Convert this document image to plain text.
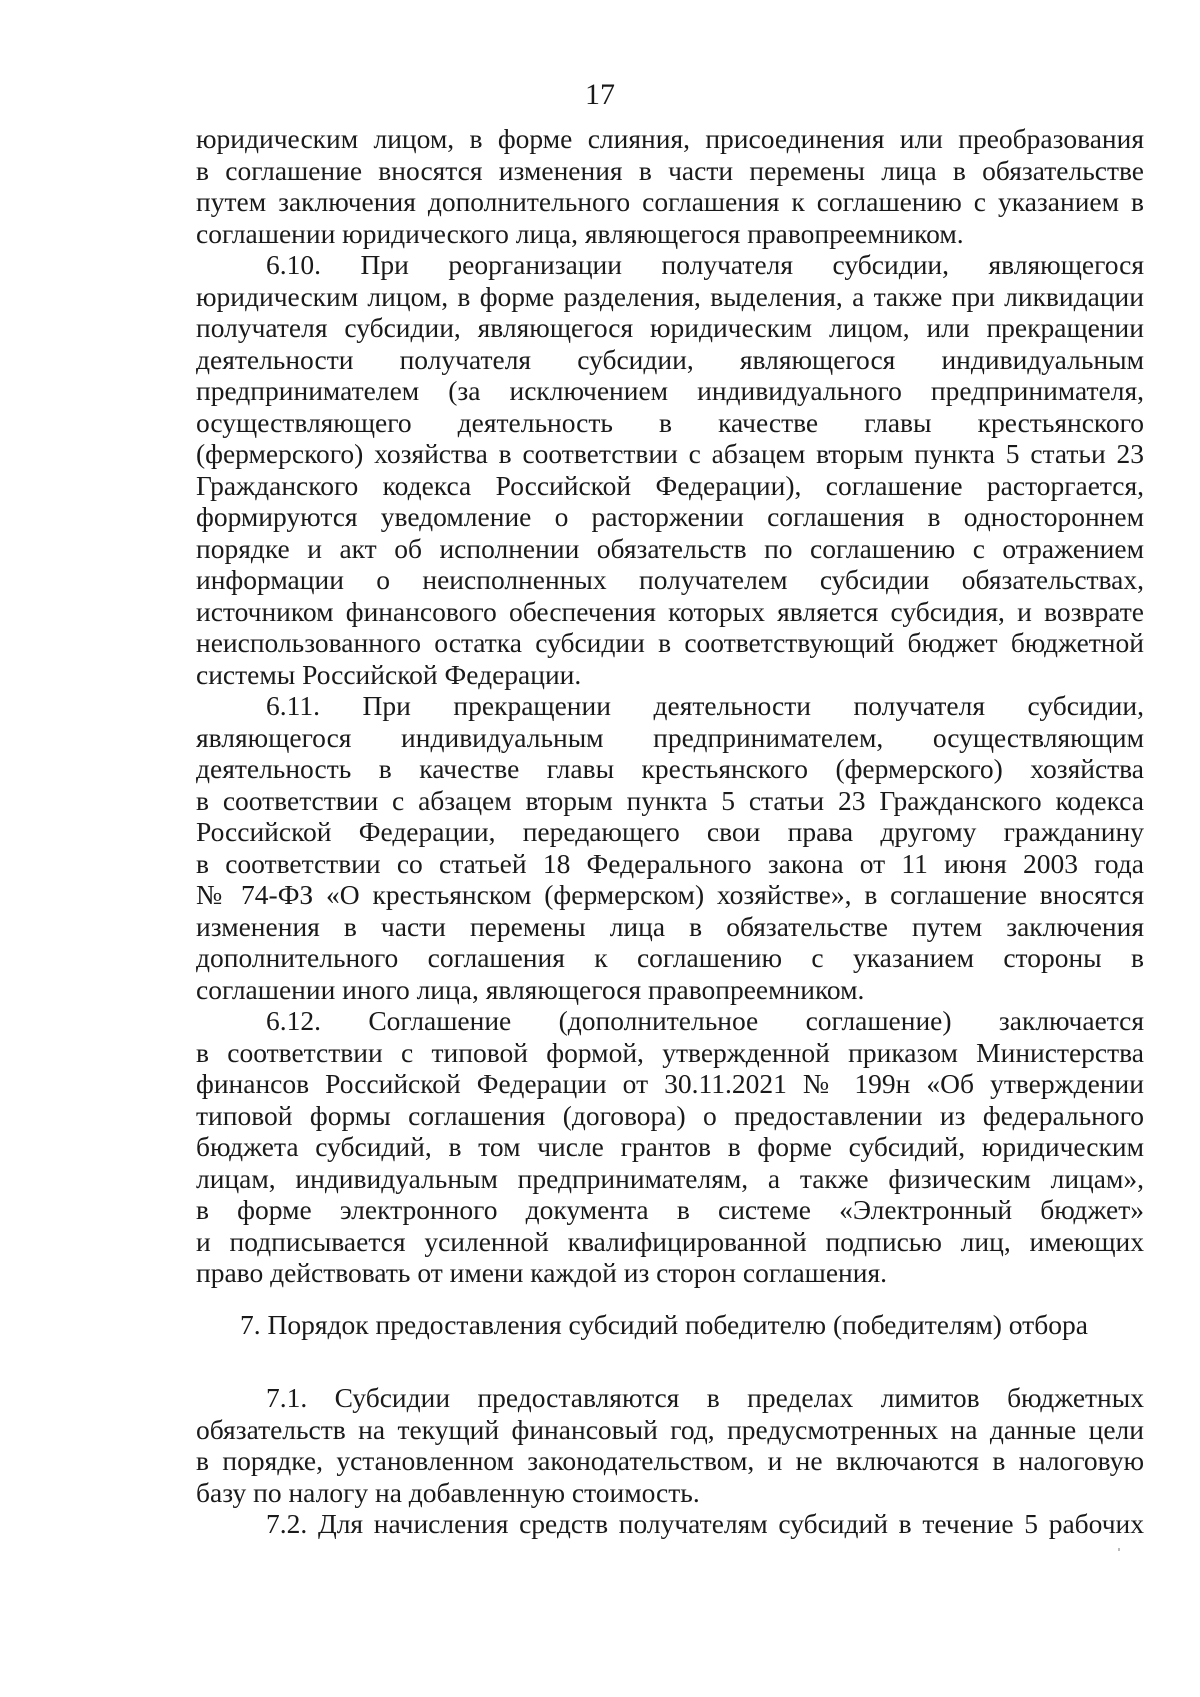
17
юридическим лицом, в форме слияния, присоединения или преобразования
в соглашение вносятся изменения в части перемены лица в обязательстве
путем заключения дополнительного соглашения к соглашению с указанием в
соглашении юридического лица, являющегося правопреемником.
6.10. При реорганизации получателя субсидии, являющегося
юридическим лицом, в форме разделения, выделения, а также при ликвидации
получателя субсидии, являющегося юридическим лицом, или прекращении
деятельности получателя субсидии, являющегося индивидуальным
предпринимателем (за исключением индивидуального предпринимателя,
осуществляющего деятельность в качестве главы крестьянского
(фермерского) хозяйства в соответствии с абзацем вторым пункта 5 статьи 23
Гражданского кодекса Российской Федерации), соглашение расторгается,
формируются уведомление о расторжении соглашения в одностороннем
порядке и акт об исполнении обязательств по соглашению с отражением
информации о неисполненных получателем субсидии обязательствах,
источником финансового обеспечения которых является субсидия, и возврате
неиспользованного остатка субсидии в соответствующий бюджет бюджетной
системы Российской Федерации.
6.11. При прекращении деятельности получателя субсидии,
являющегося индивидуальным предпринимателем, осуществляющим
деятельность в качестве главы крестьянского (фермерского) хозяйства
в соответствии с абзацем вторым пункта 5 статьи 23 Гражданского кодекса
Российской Федерации, передающего свои права другому гражданину
в соответствии со статьей 18 Федерального закона от 11 июня 2003 года
№ 74-ФЗ «О крестьянском (фермерском) хозяйстве», в соглашение вносятся
изменения в части перемены лица в обязательстве путем заключения
дополнительного соглашения к соглашению с указанием стороны в
соглашении иного лица, являющегося правопреемником.
6.12. Соглашение (дополнительное соглашение) заключается
в соответствии с типовой формой, утвержденной приказом Министерства
финансов Российской Федерации от 30.11.2021 № 199н «Об утверждении
типовой формы соглашения (договора) о предоставлении из федерального
бюджета субсидий, в том числе грантов в форме субсидий, юридическим
лицам, индивидуальным предпринимателям, а также физическим лицам»,
в форме электронного документа в системе «Электронный бюджет»
и подписывается усиленной квалифицированной подписью лиц, имеющих
право действовать от имени каждой из сторон соглашения.
7. Порядок предоставления субсидий победителю (победителям) отбора
7.1. Субсидии предоставляются в пределах лимитов бюджетных
обязательств на текущий финансовый год, предусмотренных на данные цели
в порядке, установленном законодательством, и не включаются в налоговую
базу по налогу на добавленную стоимость.
7.2. Для начисления средств получателям субсидий в течение 5 рабочих
